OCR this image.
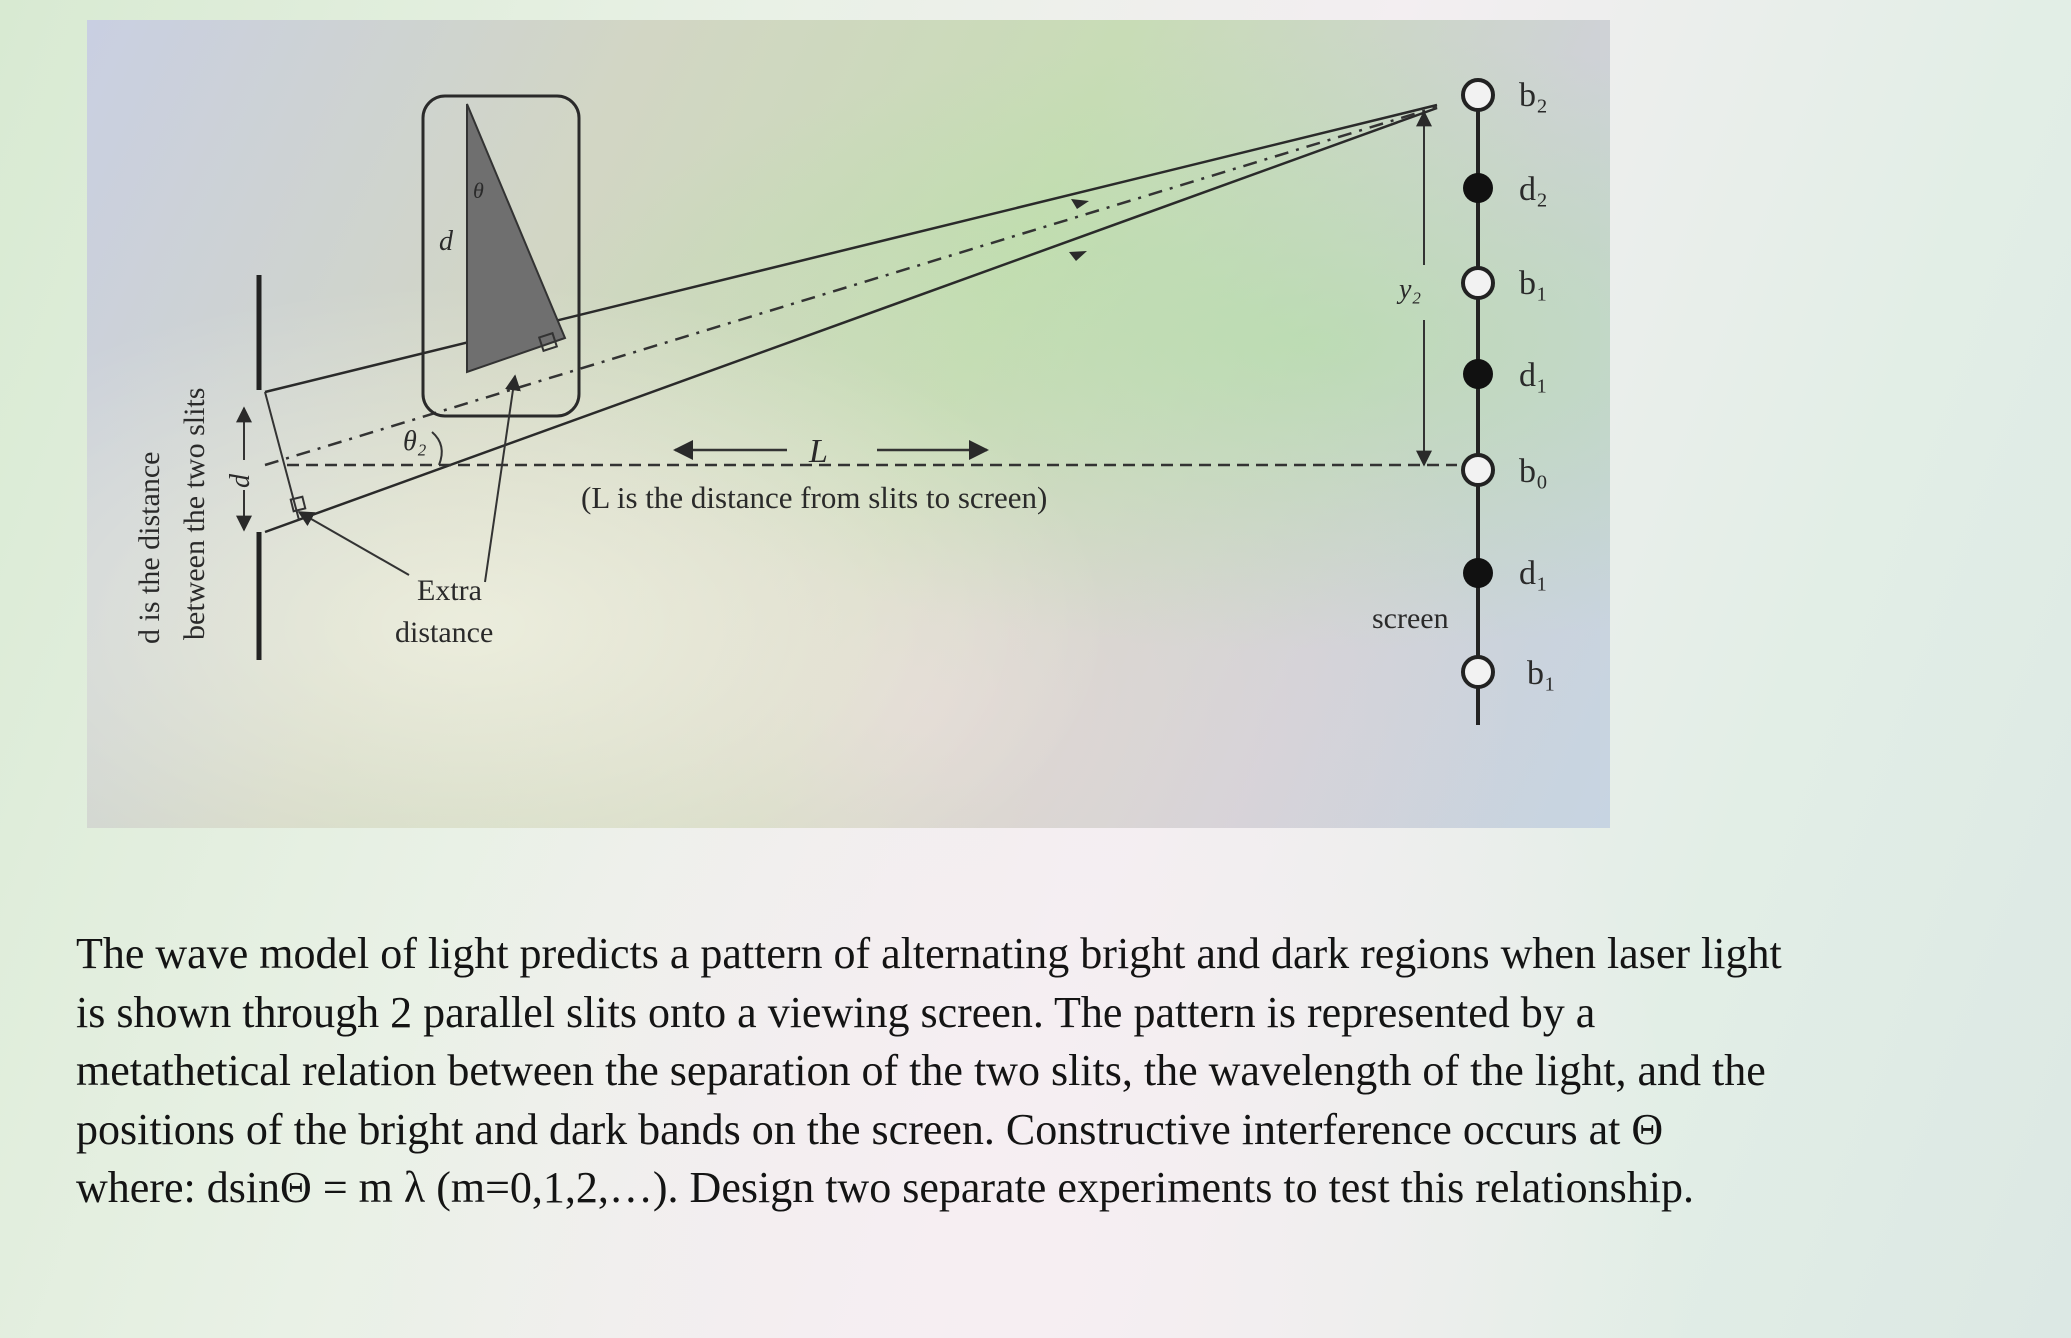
d
θ₂
d
θ
Extra
distance
d is the distance between the two slits	L
(L is the distance from slits to screen)
screen
y₂
b₂
d₂
b₁
d₁
b₀
d₁
b₁

The wave model of light predicts a pattern of alternating bright and dark regions when laser light
is shown through 2 parallel slits onto a viewing screen. The pattern is represented by a
metathetical relation between the separation of the two slits, the wavelength of the light, and the
positions of the bright and dark bands on the screen. Constructive interference occurs at Θ
where: dsinΘ = m λ (m=0,1,2,…). Design two separate experiments to test this relationship.
